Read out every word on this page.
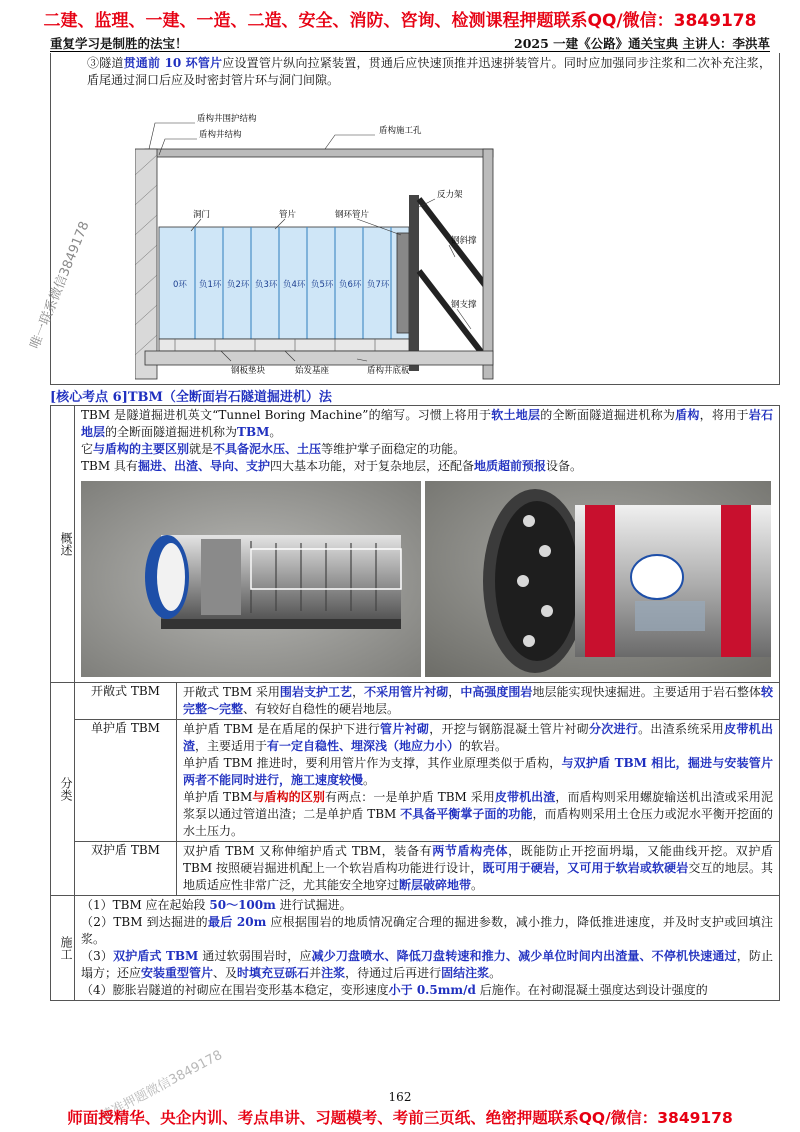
二建、监理、一建、一造、二造、安全、消防、咨询、检测课程押题联系QQ/微信：3849178
重复学习是制胜的法宝！	2025 一建《公路》通关宝典 主讲人：李洪革
③隧道贯通前 10 环管片应设置管片纵向拉紧装置，贯通后应快速顶推并迅速拼装管片。同时应加强同步注浆和二次补充注浆，盾尾通过洞口后应及时密封管片环与洞门间隙。
0环 负1环 负2环 负3环 负4环 负5环 负6环 负7环
盾构井围护结构
盾构井结构	盾构施工孔
洞门	管片	钢环管片
反力架
钢斜撑
钢支撑
钢板垫块	始发基座	盾构井底板
[核心考点 6]TBM（全断面岩石隧道掘进机）法
概述	TBM 是隧道掘进机英文“Tunnel Boring Machine”的缩写。习惯上将用于软土地层的全断面隧道掘进机称为盾构，将用于岩石地层的全断面隧道掘进机称为TBM。
它与盾构的主要区别就是不具备泥水压、土压等维护掌子面稳定的功能。
TBM 具有掘进、出渣、导向、支护四大基本功能，对于复杂地层，还配备地质超前预报设备。	

分类	开敞式 TBM	开敞式 TBM 采用围岩支护工艺，不采用管片衬砌，中高强度围岩地层能实现快速掘进。主要适用于岩石整体较完整～完整、有较好自稳性的硬岩地层。
	单护盾 TBM	单护盾 TBM 是在盾尾的保护下进行管片衬砌，开挖与钢筋混凝土管片衬砌分次进行。出渣系统采用皮带机出渣，主要适用于有一定自稳性、埋深浅（地应力小）的软岩。
单护盾 TBM 推进时，要利用管片作为支撑，其作业原理类似于盾构，与双护盾 TBM 相比，掘进与安装管片两者不能同时进行，施工速度较慢。
单护盾 TBM与盾构的区别有两点：一是单护盾 TBM 采用皮带机出渣，而盾构则采用螺旋输送机出渣或采用泥浆泵以通过管道出渣；二是单护盾 TBM 不具备平衡掌子面的功能，而盾构则采用土仓压力或泥水平衡开挖面的水土压力。

	双护盾 TBM	双护盾 TBM 又称伸缩护盾式 TBM，装备有两节盾构壳体，既能防止开挖面坍塌，又能曲线开挖。双护盾 TBM 按照硬岩掘进机配上一个软岩盾构功能进行设计，既可用于硬岩，又可用于软岩或软硬岩交互的地层。其地质适应性非常广泛，尤其能安全地穿过断层破碎地带。
施工	（1）TBM 应在起始段 50～100m 进行试掘进。
（2）TBM 到达掘进的最后 20m 应根据围岩的地质情况确定合理的掘进参数，减小推力，降低推进速度，并及时支护或回填注浆。
（3）双护盾式 TBM 通过软弱围岩时，应减少刀盘喷水、降低刀盘转速和推力、减少单位时间内出渣量、不停机快速通过，防止塌方；还应安装重型管片、及时填充豆砾石并注浆，待通过后再进行固结注浆。
（4）膨胀岩隧道的衬砌应在围岩变形基本稳定，变形速度小于 0.5mm/d 后施作。在衬砌混凝土强度达到设计强度的	
唯一联系微信3849178
精准押题微信3849178	162
师面授精华、央企内训、考点串讲、习题模考、考前三页纸、绝密押题联系QQ/微信：3849178
